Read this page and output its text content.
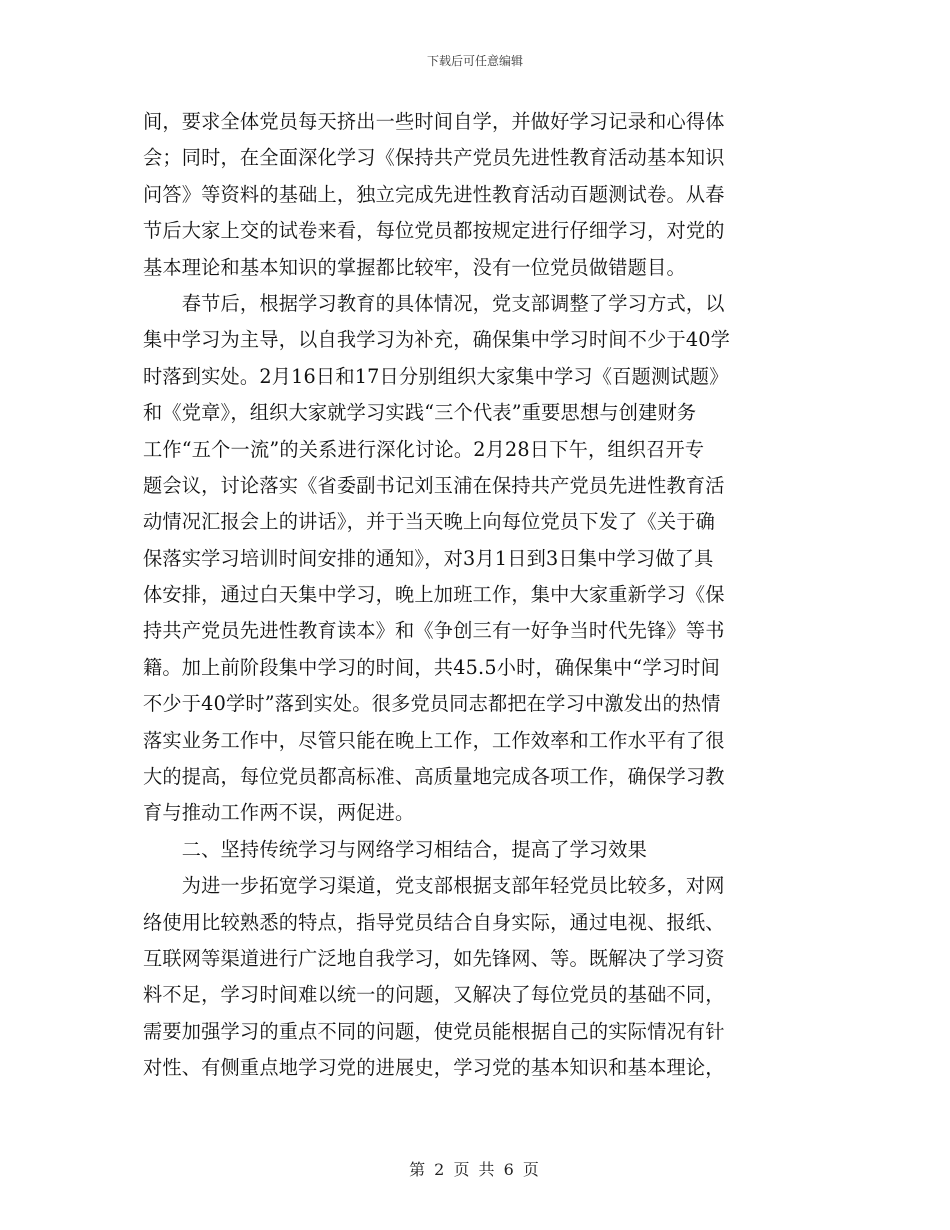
下载后可任意编辑
间，要求全体党员每天挤出一些时间自学，并做好学习记录和心得体
会；同时，在全面深化学习《保持共产党员先进性教育活动基本知识
问答》等资料的基础上，独立完成先进性教育活动百题测试卷。从春
节后大家上交的试卷来看，每位党员都按规定进行仔细学习，对党的
基本理论和基本知识的掌握都比较牢，没有一位党员做错题目。
　　春节后，根据学习教育的具体情况，党支部调整了学习方式，以
集中学习为主导，以自我学习为补充，确保集中学习时间不少于40学
时落到实处。2月16日和17日分别组织大家集中学习《百题测试题》
和《党章》，组织大家就学习实践“三个代表”重要思想与创建财务
工作“五个一流”的关系进行深化讨论。2月28日下午，组织召开专
题会议，讨论落实《省委副书记刘玉浦在保持共产党员先进性教育活
动情况汇报会上的讲话》，并于当天晚上向每位党员下发了《关于确
保落实学习培训时间安排的通知》，对3月1日到3日集中学习做了具
体安排，通过白天集中学习，晚上加班工作，集中大家重新学习《保
持共产党员先进性教育读本》和《争创三有一好争当时代先锋》等书
籍。加上前阶段集中学习的时间，共45.5小时，确保集中“学习时间
不少于40学时”落到实处。很多党员同志都把在学习中激发出的热情
落实业务工作中，尽管只能在晚上工作，工作效率和工作水平有了很
大的提高，每位党员都高标准、高质量地完成各项工作，确保学习教
育与推动工作两不误，两促进。
　　二、坚持传统学习与网络学习相结合，提高了学习效果
　　为进一步拓宽学习渠道，党支部根据支部年轻党员比较多，对网
络使用比较熟悉的特点，指导党员结合自身实际，通过电视、报纸、
互联网等渠道进行广泛地自我学习，如先锋网、等。既解决了学习资
料不足，学习时间难以统一的问题，又解决了每位党员的基础不同，
需要加强学习的重点不同的问题，使党员能根据自己的实际情况有针
对性、有侧重点地学习党的进展史，学习党的基本知识和基本理论，
第 2 页 共 6 页
